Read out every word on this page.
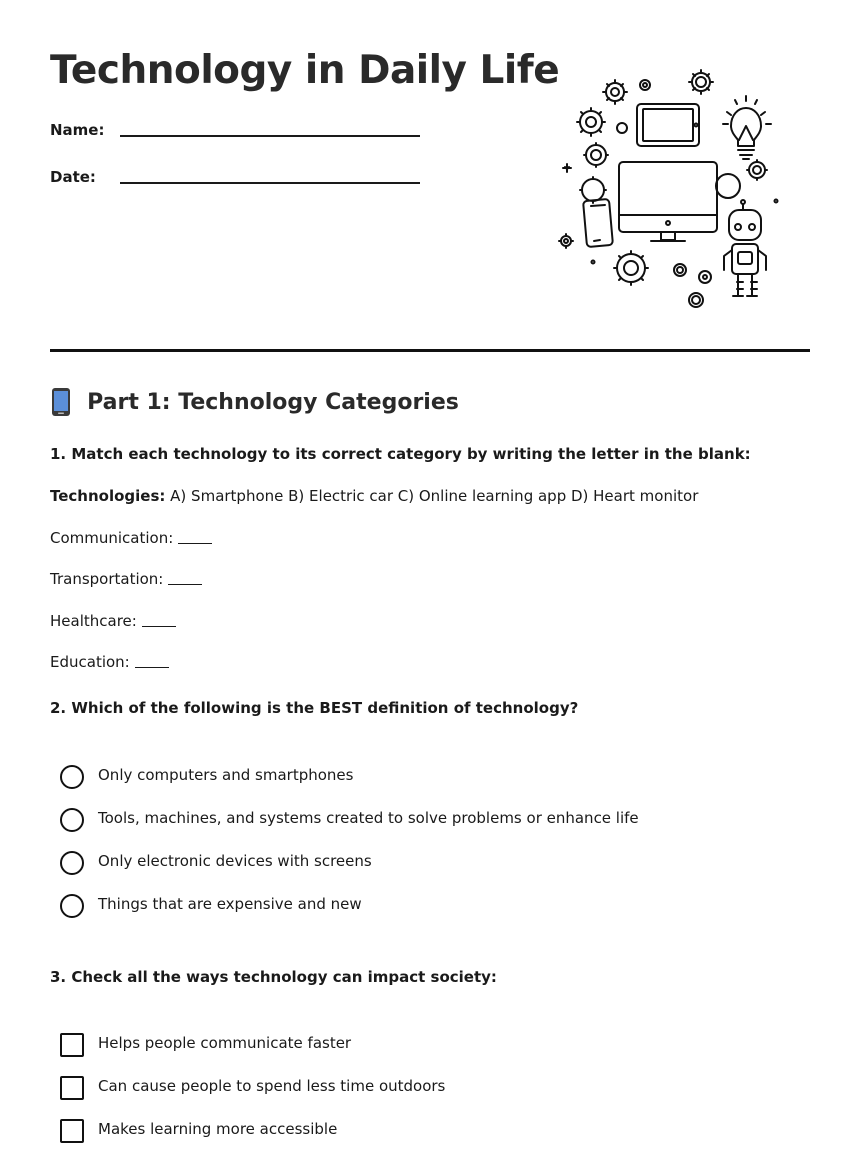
Technology in Daily Life
Name:
Date:
Part 1: Technology Categories
1. Match each technology to its correct category by writing the letter in the blank:
Technologies: A) Smartphone B) Electric car C) Online learning app D) Heart monitor
Communication:
Transportation:
Healthcare:
Education:
2. Which of the following is the BEST definition of technology?
Only computers and smartphones
Tools, machines, and systems created to solve problems or enhance life
Only electronic devices with screens
Things that are expensive and new
3. Check all the ways technology can impact society:
Helps people communicate faster
Can cause people to spend less time outdoors
Makes learning more accessible
